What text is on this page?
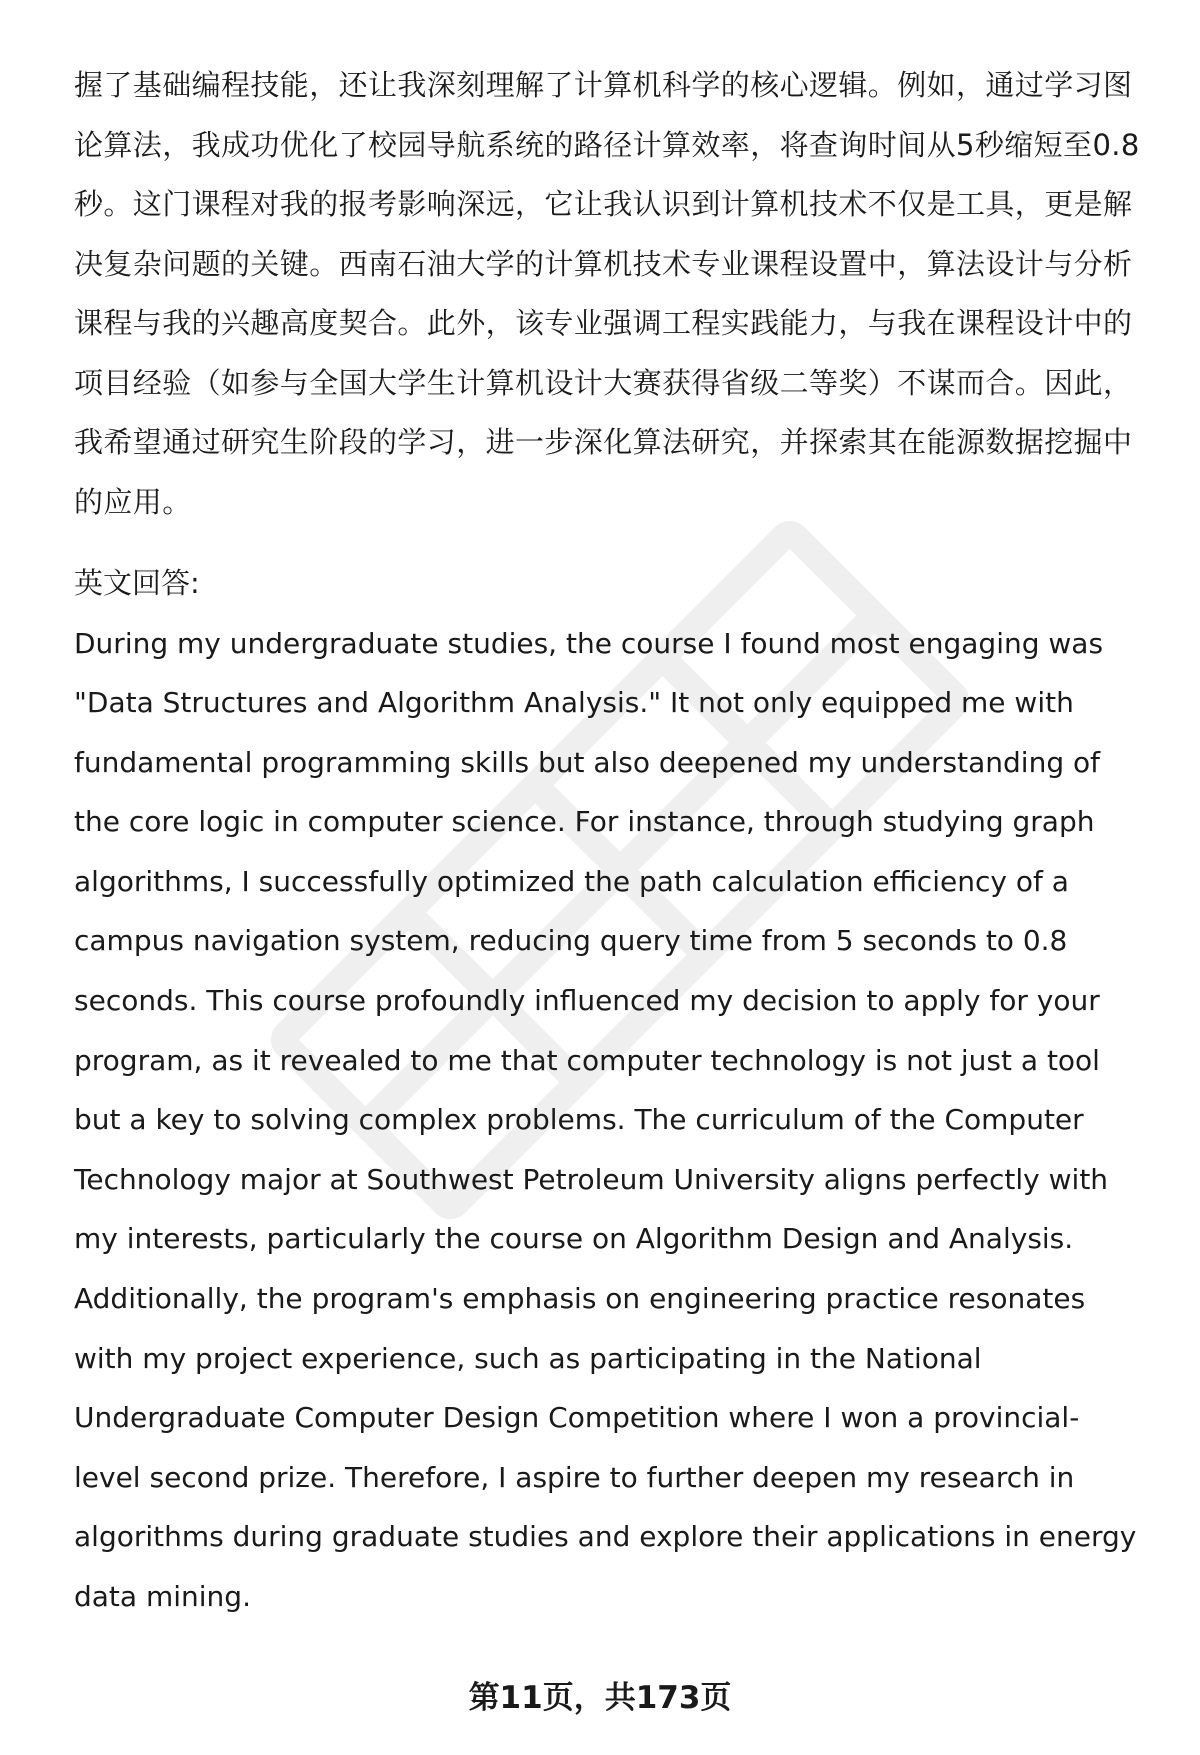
握了基础编程技能，还让我深刻理解了计算机科学的核心逻辑。例如，通过学习图
论算法，我成功优化了校园导航系统的路径计算效率，将查询时间从5秒缩短至0.8
秒。这门课程对我的报考影响深远，它让我认识到计算机技术不仅是工具，更是解
决复杂问题的关键。西南石油大学的计算机技术专业课程设置中，算法设计与分析
课程与我的兴趣高度契合。此外，该专业强调工程实践能力，与我在课程设计中的
项目经验（如参与全国大学生计算机设计大赛获得省级二等奖）不谋而合。因此，
我希望通过研究生阶段的学习，进一步深化算法研究，并探索其在能源数据挖掘中
的应用。

英文回答:

During my undergraduate studies, the course I found most engaging was
"Data Structures and Algorithm Analysis." It not only equipped me with
fundamental programming skills but also deepened my understanding of
the core logic in computer science. For instance, through studying graph
algorithms, I successfully optimized the path calculation efficiency of a
campus navigation system, reducing query time from 5 seconds to 0.8
seconds. This course profoundly influenced my decision to apply for your
program, as it revealed to me that computer technology is not just a tool
but a key to solving complex problems. The curriculum of the Computer
Technology major at Southwest Petroleum University aligns perfectly with
my interests, particularly the course on Algorithm Design and Analysis.
Additionally, the program's emphasis on engineering practice resonates
with my project experience, such as participating in the National
Undergraduate Computer Design Competition where I won a provincial-
level second prize. Therefore, I aspire to further deepen my research in
algorithms during graduate studies and explore their applications in energy
data mining.

第11页，共173页
